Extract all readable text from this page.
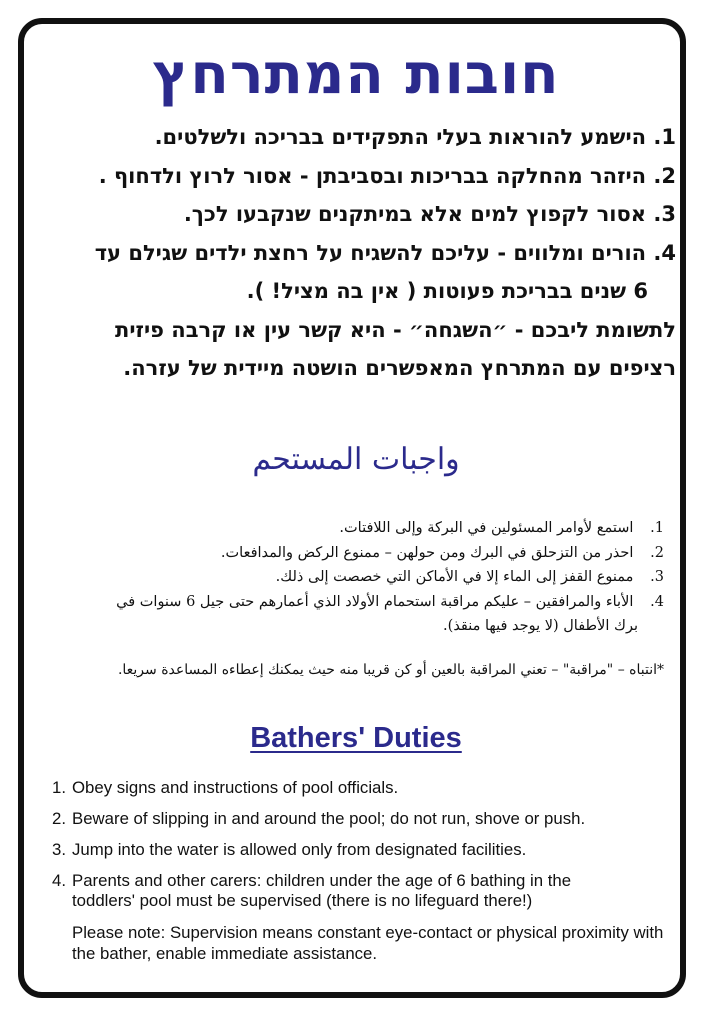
חובות המתרחץ
1. הישמע להוראות בעלי התפקידים בבריכה ולשלטים.
2. היזהר מהחלקה בבריכות ובסביבתן - אסור לרוץ ולדחוף .
3. אסור לקפוץ למים אלא במיתקנים שנקבעו לכך.
4. הורים ומלווים - עליכם להשגיח על רחצת ילדים שגילם עד
6 שנים בבריכת פעוטות ( אין בה מציל! ).
לתשומת ליבכם - ״השגחה״ - היא קשר עין או קרבה פיזית
רציפים עם המתרחץ המאפשרים הושטה מיידית של עזרה.
واجبات المستحم
1. استمع لأوامر المسئولين في البركة وإلى اللافتات.
2. احذر من التزحلق في البرك ومن حولهن – ممنوع الركض والمدافعات.
3. ممنوع القفز إلى الماء إلا في الأماكن التي خصصت إلى ذلك.
4. الأباء والمرافقين – عليكم مراقبة استحمام الأولاد الذي أعمارهم حتى جيل 6 سنوات في
برك الأطفال (لا يوجد فيها منقذ).
*انتباه – "مراقبة" – تعني المراقبة بالعين أو كن قريبا منه حيث يمكنك إعطاءه المساعدة سريعا.
Bathers' Duties
1. Obey signs and instructions of pool officials.
2. Beware of slipping in and around the pool; do not run, shove or push.
3. Jump into the water is allowed only from designated facilities.
4. Parents and other carers: children under the age of 6 bathing in the
toddlers' pool must be supervised (there is no lifeguard there!)
Please note: Supervision means constant eye-contact or physical proximity with the bather, enable immediate assistance.
